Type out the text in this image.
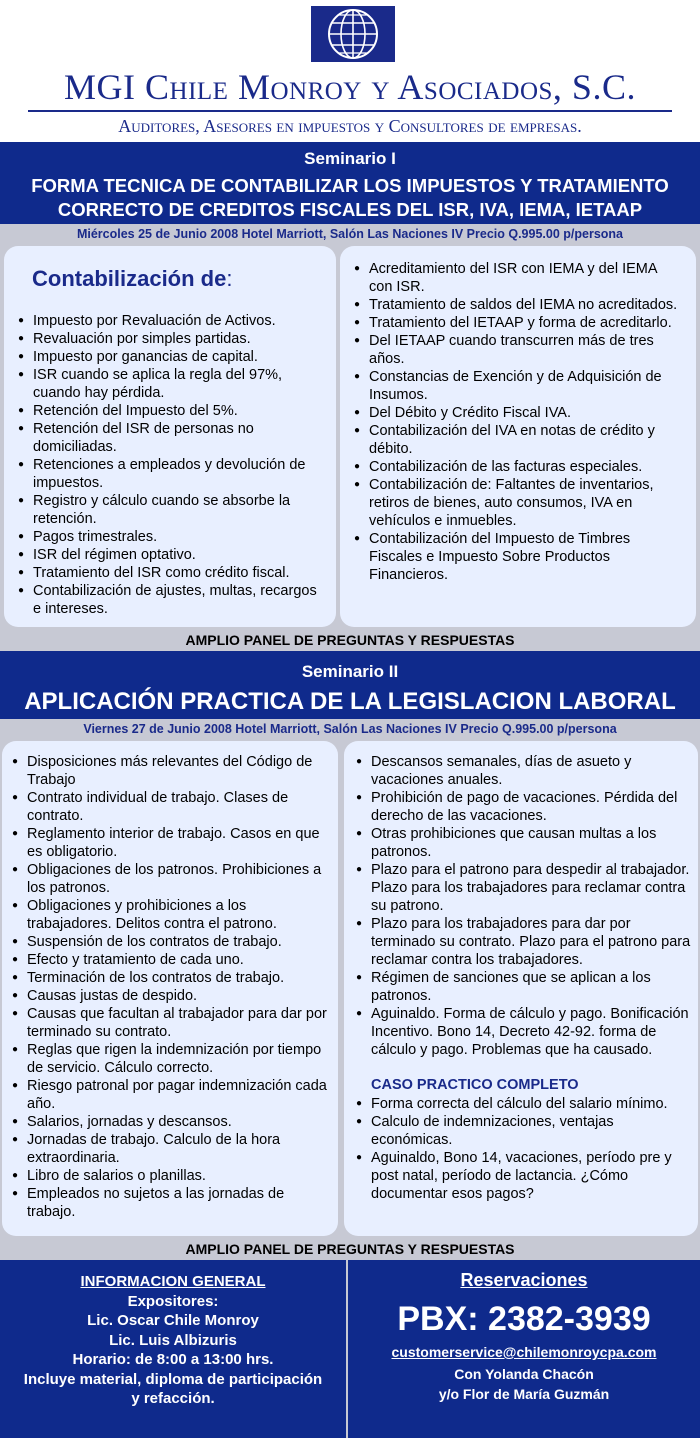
MGI Chile Monroy y Asociados, S.C.
Auditores, Asesores en impuestos y Consultores de empresas.
Seminario I
FORMA TECNICA DE CONTABILIZAR LOS IMPUESTOS Y TRATAMIENTO
CORRECTO DE CREDITOS FISCALES DEL ISR, IVA, IEMA, IETAAP
Miércoles 25 de Junio 2008 Hotel Marriott, Salón Las Naciones IV Precio Q.995.00 p/persona
Contabilización de:
● Impuesto por Revaluación de Activos.
● Revaluación por simples partidas.
● Impuesto por ganancias de capital.
● ISR cuando se aplica la regla del 97%, cuando hay pérdida.
● Retención del Impuesto del 5%.
● Retención del ISR de personas no domiciliadas.
● Retenciones a empleados y devolución de impuestos.
● Registro y cálculo cuando se absorbe la retención.
● Pagos trimestrales.
● ISR del régimen optativo.
● Tratamiento del ISR como crédito fiscal.
● Contabilización de ajustes, multas, recargos e intereses.
● Acreditamiento del ISR con IEMA y del IEMA con ISR.
● Tratamiento de saldos del IEMA no acreditados.
● Tratamiento del IETAAP y forma de acreditarlo.
● Del IETAAP cuando transcurren más de tres años.
● Constancias de Exención y de Adquisición de Insumos.
● Del Débito y Crédito Fiscal IVA.
● Contabilización del IVA en notas de crédito y débito.
● Contabilización de las facturas especiales.
● Contabilización de: Faltantes de inventarios, retiros de bienes, auto consumos, IVA en vehículos e inmuebles.
● Contabilización del Impuesto de Timbres Fiscales e Impuesto Sobre Productos Financieros.
AMPLIO PANEL DE PREGUNTAS Y RESPUESTAS
Seminario II
APLICACIÓN PRACTICA DE LA LEGISLACION LABORAL
Viernes 27 de Junio 2008 Hotel Marriott, Salón Las Naciones IV Precio Q.995.00 p/persona
● Disposiciones más relevantes del Código de Trabajo
● Contrato individual de trabajo. Clases de contrato.
● Reglamento interior de trabajo. Casos en que es obligatorio.
● Obligaciones de los patronos. Prohibiciones a los patronos.
● Obligaciones y prohibiciones a los trabajadores. Delitos contra el patrono.
● Suspensión de los contratos de trabajo.
● Efecto y tratamiento de cada uno.
● Terminación de los contratos de trabajo.
● Causas justas de despido.
● Causas que facultan al trabajador para dar por terminado su contrato.
● Reglas que rigen la indemnización por tiempo de servicio. Cálculo correcto.
● Riesgo patronal por pagar indemnización cada año.
● Salarios, jornadas y descansos.
● Jornadas de trabajo. Calculo de la hora extraordinaria.
● Libro de salarios o planillas.
● Empleados no sujetos a las jornadas de trabajo.
● Descansos semanales, días de asueto y vacaciones anuales.
● Prohibición de pago de vacaciones. Pérdida del derecho de las vacaciones.
● Otras prohibiciones que causan multas a los patronos.
● Plazo para el patrono para despedir al trabajador. Plazo para los trabajadores para reclamar contra su patrono.
● Plazo para los trabajadores para dar por terminado su contrato. Plazo para el patrono para reclamar contra los trabajadores.
● Régimen de sanciones que se aplican a los patronos.
● Aguinaldo. Forma de cálculo y pago. Bonificación Incentivo. Bono 14, Decreto 42-92. forma de cálculo y pago. Problemas que ha causado.
CASO PRACTICO COMPLETO
● Forma correcta del cálculo del salario mínimo.
● Calculo de indemnizaciones, ventajas económicas.
● Aguinaldo, Bono 14, vacaciones, período pre y post natal, período de lactancia. ¿Cómo documentar esos pagos?
AMPLIO PANEL DE PREGUNTAS Y RESPUESTAS
INFORMACION GENERAL
Expositores:
Lic. Oscar Chile Monroy
Lic. Luis Albizuris
Horario: de 8:00 a 13:00 hrs.
Incluye material, diploma de participación
y refacción.
Reservaciones
PBX: 2382-3939
customerservice@chilemonroycpa.com
Con Yolanda Chacón
y/o Flor de María Guzmán
